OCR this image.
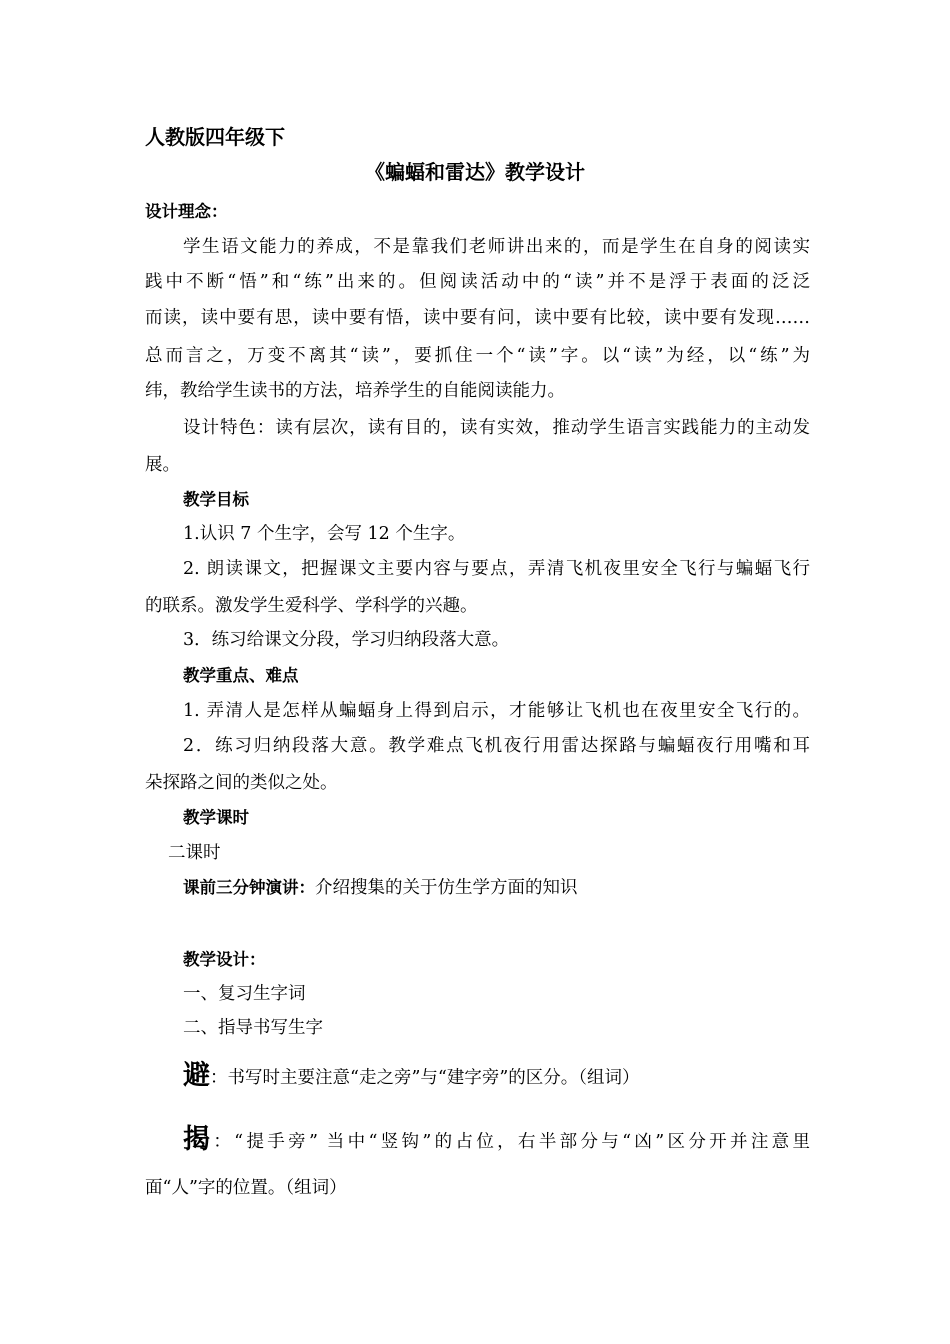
人教版四年级下
《蝙蝠和雷达》教学设计
设计理念：
学生语文能力的养成，不是靠我们老师讲出来的，而是学生在自身的阅读实
践中不断“悟”和“练”出来的。但阅读活动中的“读”并不是浮于表面的泛泛
而读，读中要有思，读中要有悟，读中要有问，读中要有比较，读中要有发现……
总而言之，万变不离其“读”，要抓住一个“读”字。以“读”为经，以“练”为
纬，教给学生读书的方法，培养学生的自能阅读能力。
设计特色：读有层次，读有目的，读有实效，推动学生语言实践能力的主动发
展。
教学目标
1.认识 7 个生字，会写 12 个生字。
2. 朗读课文，把握课文主要内容与要点，弄清飞机夜里安全飞行与蝙蝠飞行
的联系。激发学生爱科学、学科学的兴趣。
3．练习给课文分段，学习归纳段落大意。
教学重点、难点
1. 弄清人是怎样从蝙蝠身上得到启示，才能够让飞机也在夜里安全飞行的。
2．练习归纳段落大意。教学难点飞机夜行用雷达探路与蝙蝠夜行用嘴和耳
朵探路之间的类似之处。
教学课时
二课时
课前三分钟演讲：介绍搜集的关于仿生学方面的知识
教学设计：
一、复习生字词
二、指导书写生字
避：书写时主要注意“走之旁”与“建字旁”的区分。（组词）
揭：“提手旁” 当中“竖钩”的占位，右半部分与“凶”区分开并注意里
面“人”字的位置。（组词）
